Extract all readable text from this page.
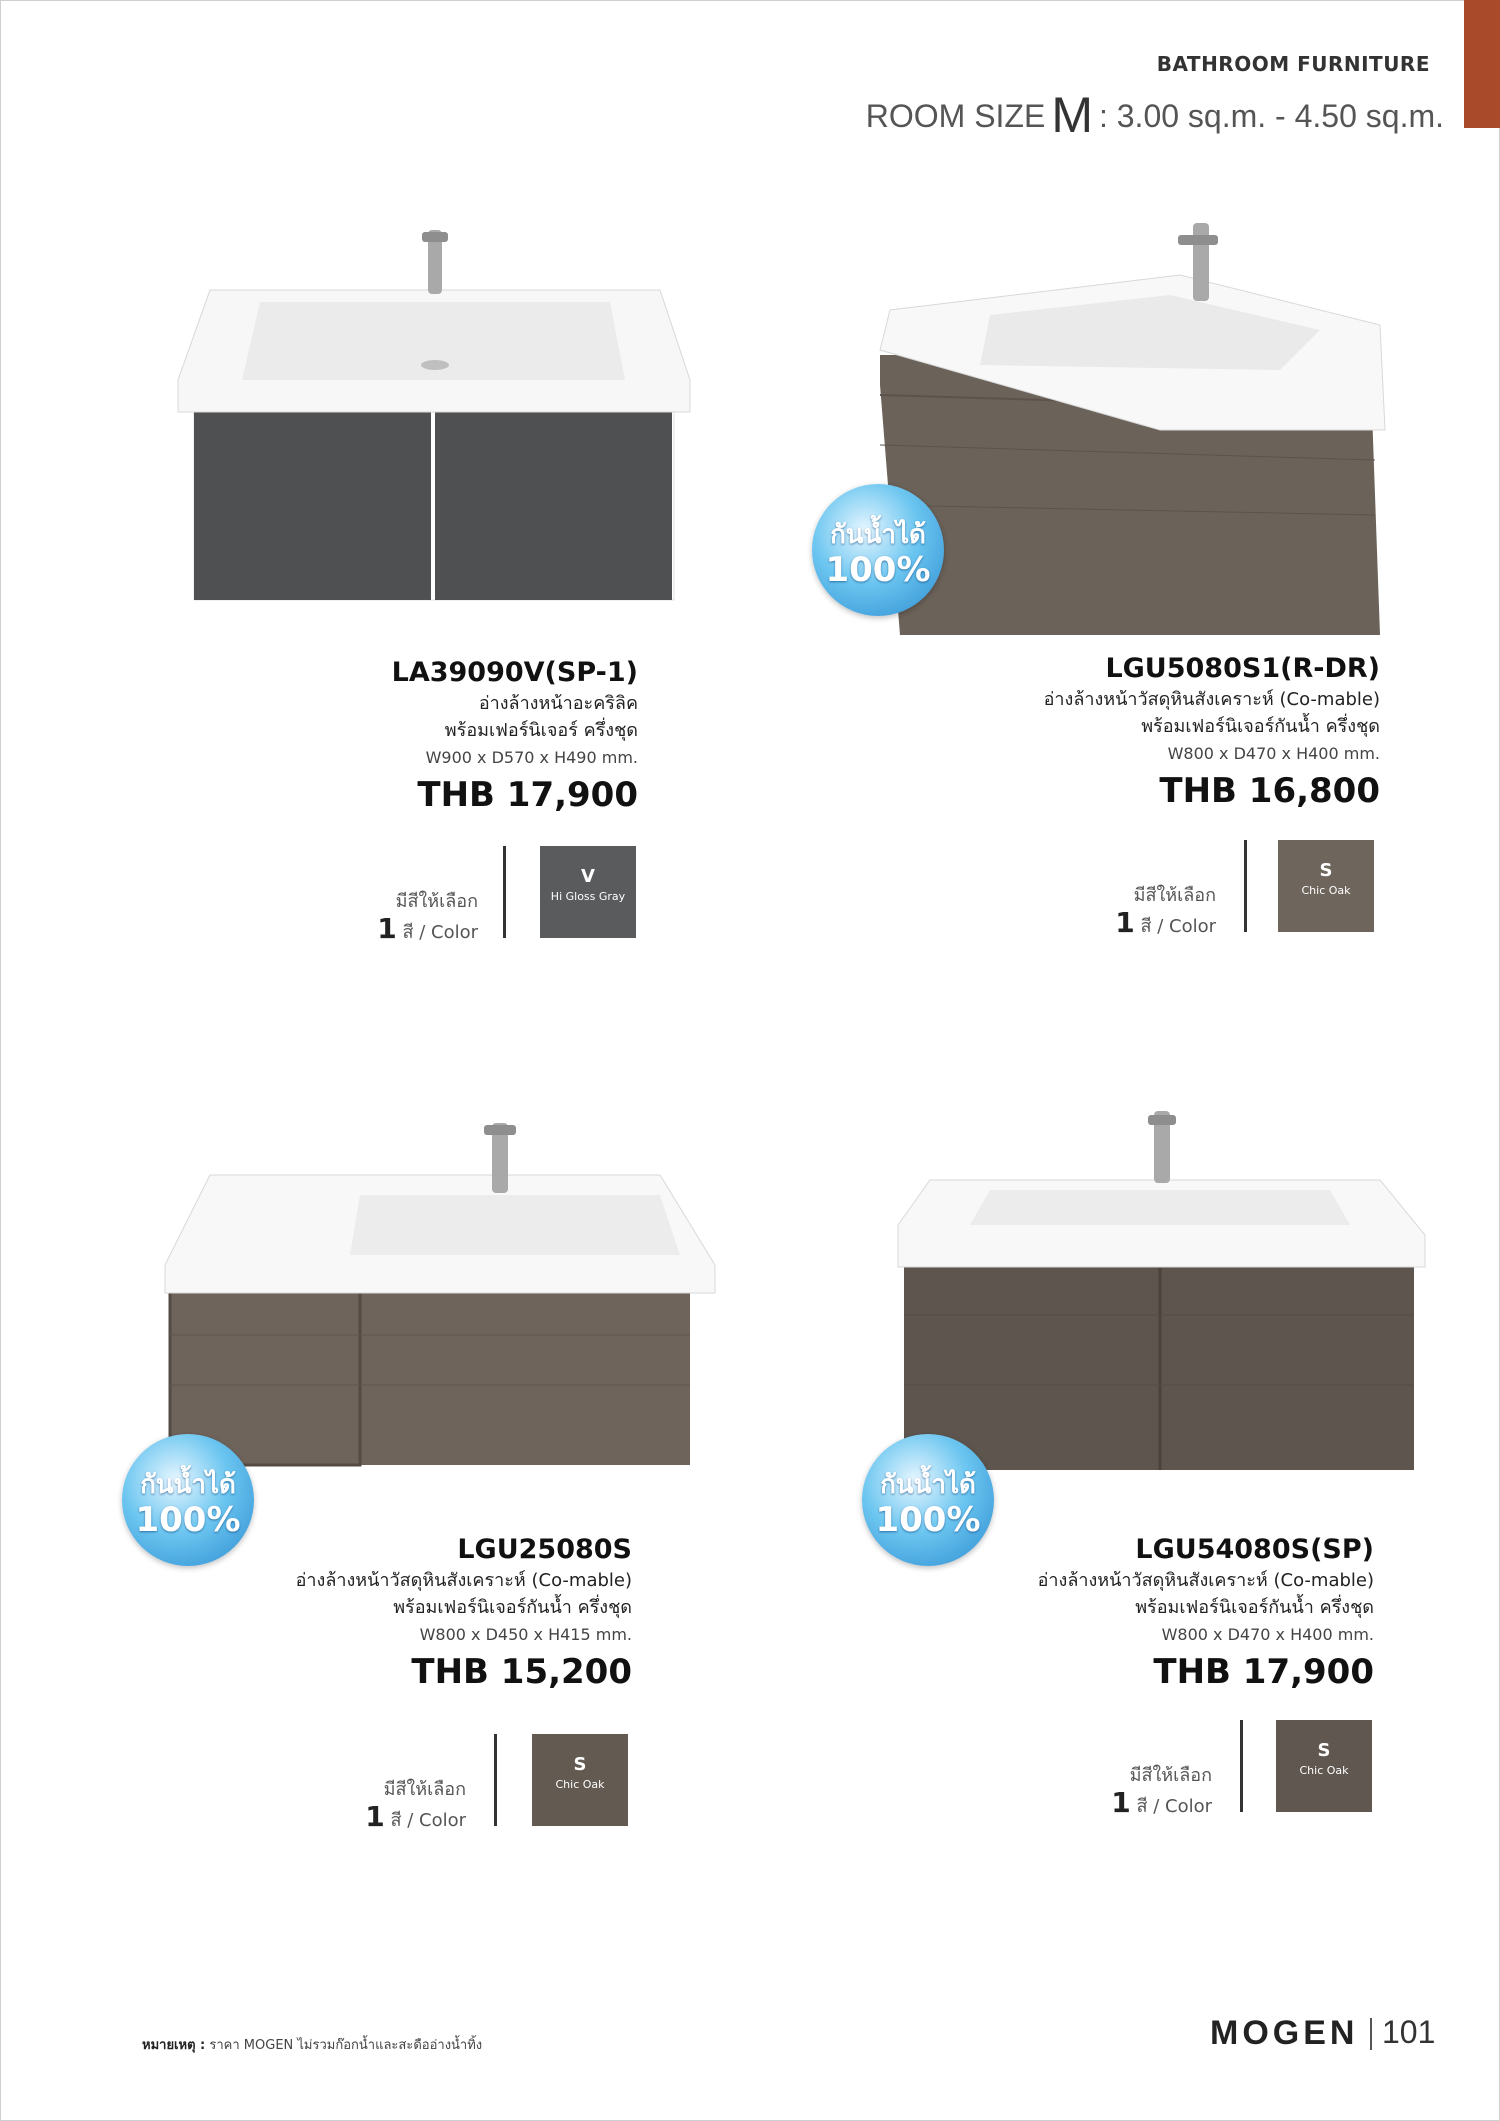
BATHROOM FURNITURE
ROOM SIZE M : 3.00 sq.m. - 4.50 sq.m.
กันน้ำได้
100%
กันน้ำได้
100%
กันน้ำได้
100%
LA39090V(SP-1)
อ่างล้างหน้าอะคริลิค
พร้อมเฟอร์นิเจอร์ ครึ่งชุด
W900 x D570 x H490 mm.
THB 17,900
LGU5080S1(R-DR)
อ่างล้างหน้าวัสดุหินสังเคราะห์ (Co-mable)
พร้อมเฟอร์นิเจอร์กันน้ำ ครึ่งชุด
W800 x D470 x H400 mm.
THB 16,800
LGU25080S
อ่างล้างหน้าวัสดุหินสังเคราะห์ (Co-mable)
พร้อมเฟอร์นิเจอร์กันน้ำ ครึ่งชุด
W800 x D450 x H415 mm.
THB 15,200
LGU54080S(SP)
อ่างล้างหน้าวัสดุหินสังเคราะห์ (Co-mable)
พร้อมเฟอร์นิเจอร์กันน้ำ ครึ่งชุด
W800 x D470 x H400 mm.
THB 17,900
มีสีให้เลือก
1 สี / Color
V
Hi Gloss Gray	มีสีให้เลือก
1 สี / Color
S
Chic Oak
มีสีให้เลือก
1 สี / Color
S
Chic Oak	มีสีให้เลือก
1 สี / Color
S
Chic Oak
หมายเหตุ : ราคา MOGEN ไม่รวมก๊อกน้ำและสะดืออ่างน้ำทิ้ง	MOGEN 101
